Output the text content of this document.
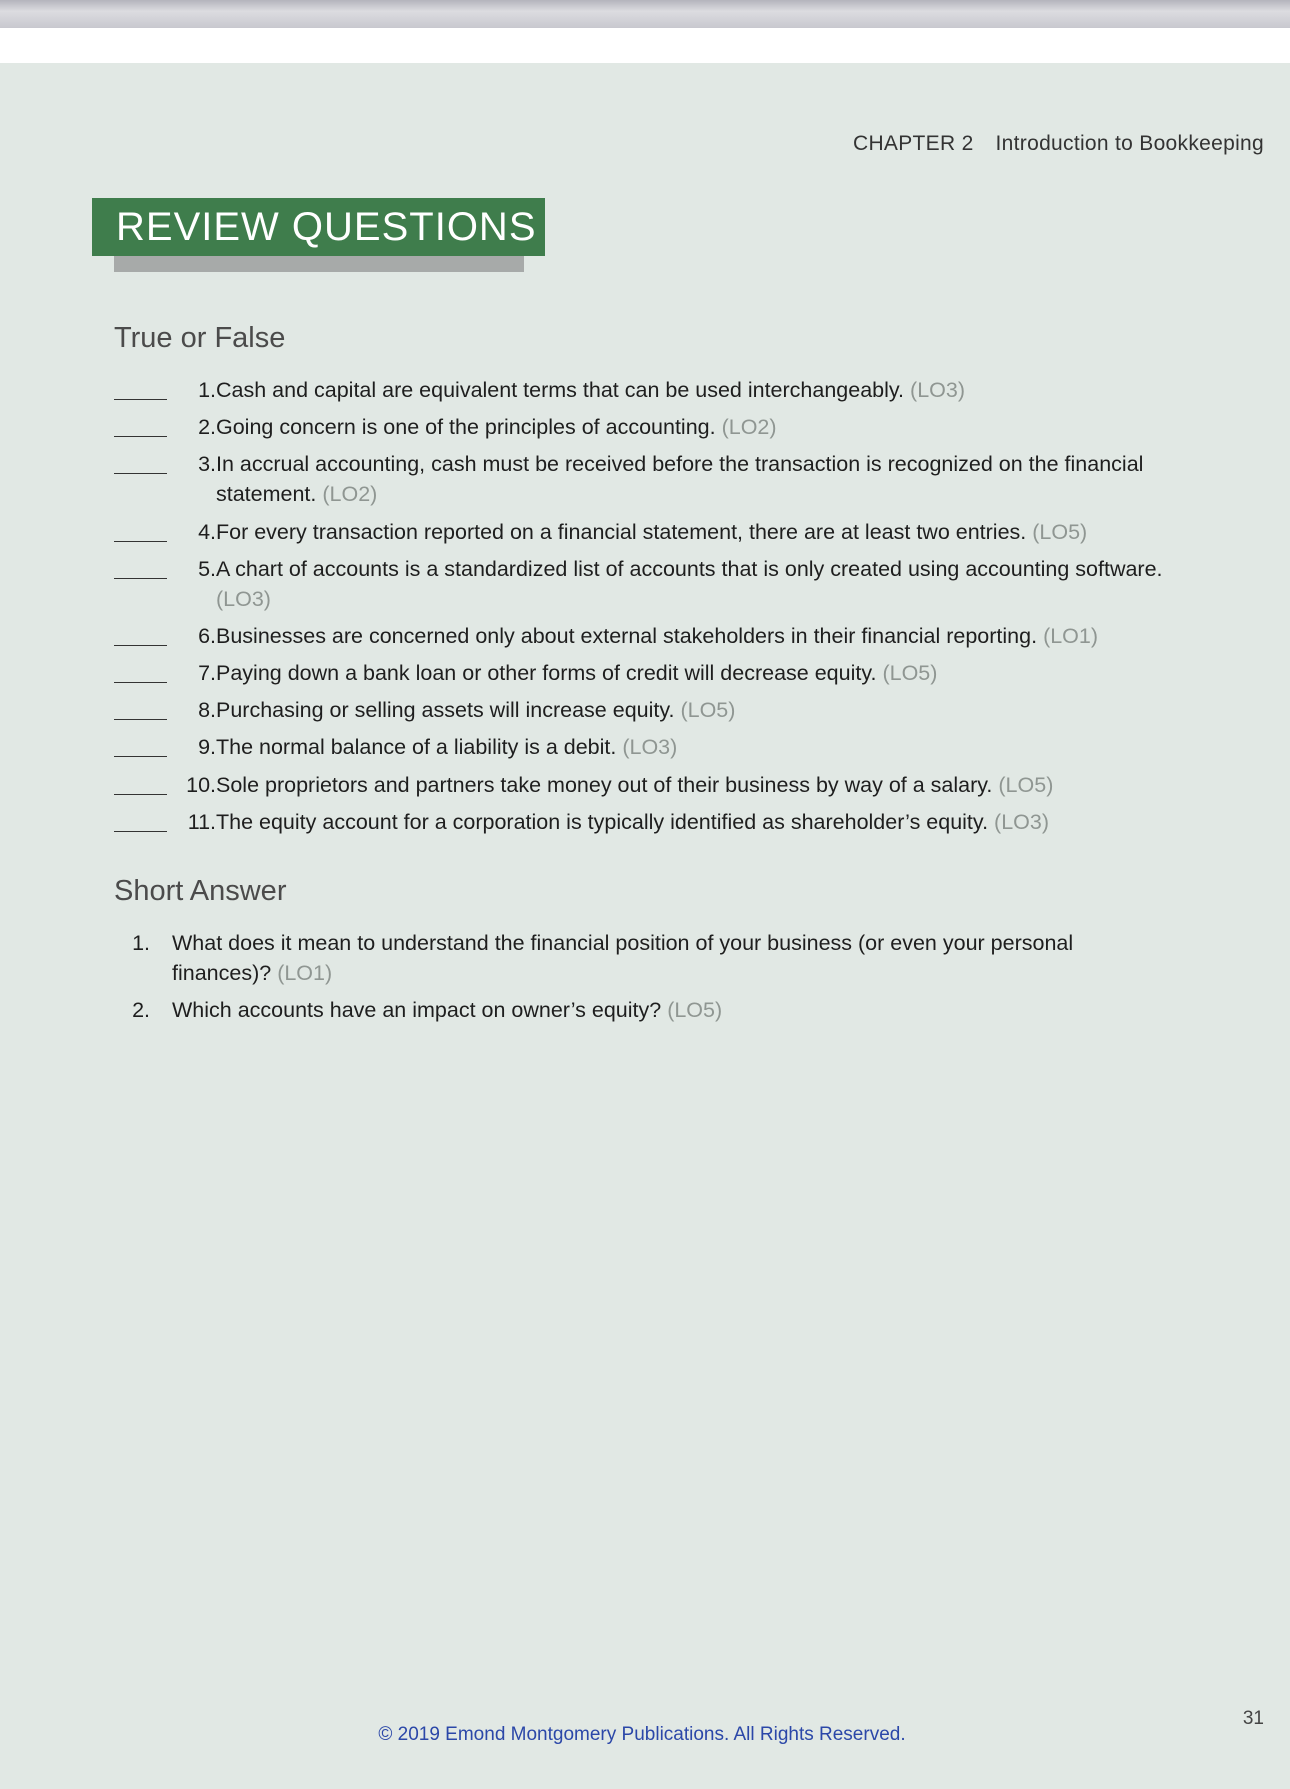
CHAPTER 2 Introduction to Bookkeeping
REVIEW QUESTIONS
True or False
1. Cash and capital are equivalent terms that can be used interchangeably. (LO3)
2. Going concern is one of the principles of accounting. (LO2)
3. In accrual accounting, cash must be received before the transaction is recognized on the financial statement. (LO2)
4. For every transaction reported on a financial statement, there are at least two entries. (LO5)
5. A chart of accounts is a standardized list of accounts that is only created using accounting software. (LO3)
6. Businesses are concerned only about external stakeholders in their financial reporting. (LO1)
7. Paying down a bank loan or other forms of credit will decrease equity. (LO5)
8. Purchasing or selling assets will increase equity. (LO5)
9. The normal balance of a liability is a debit. (LO3)
10. Sole proprietors and partners take money out of their business by way of a salary. (LO5)
11. The equity account for a corporation is typically identified as shareholder’s equity. (LO3)
Short Answer
1. What does it mean to understand the financial position of your business (or even your personal finances)? (LO1)
2. Which accounts have an impact on owner’s equity? (LO5)
© 2019 Emond Montgomery Publications. All Rights Reserved.
31
